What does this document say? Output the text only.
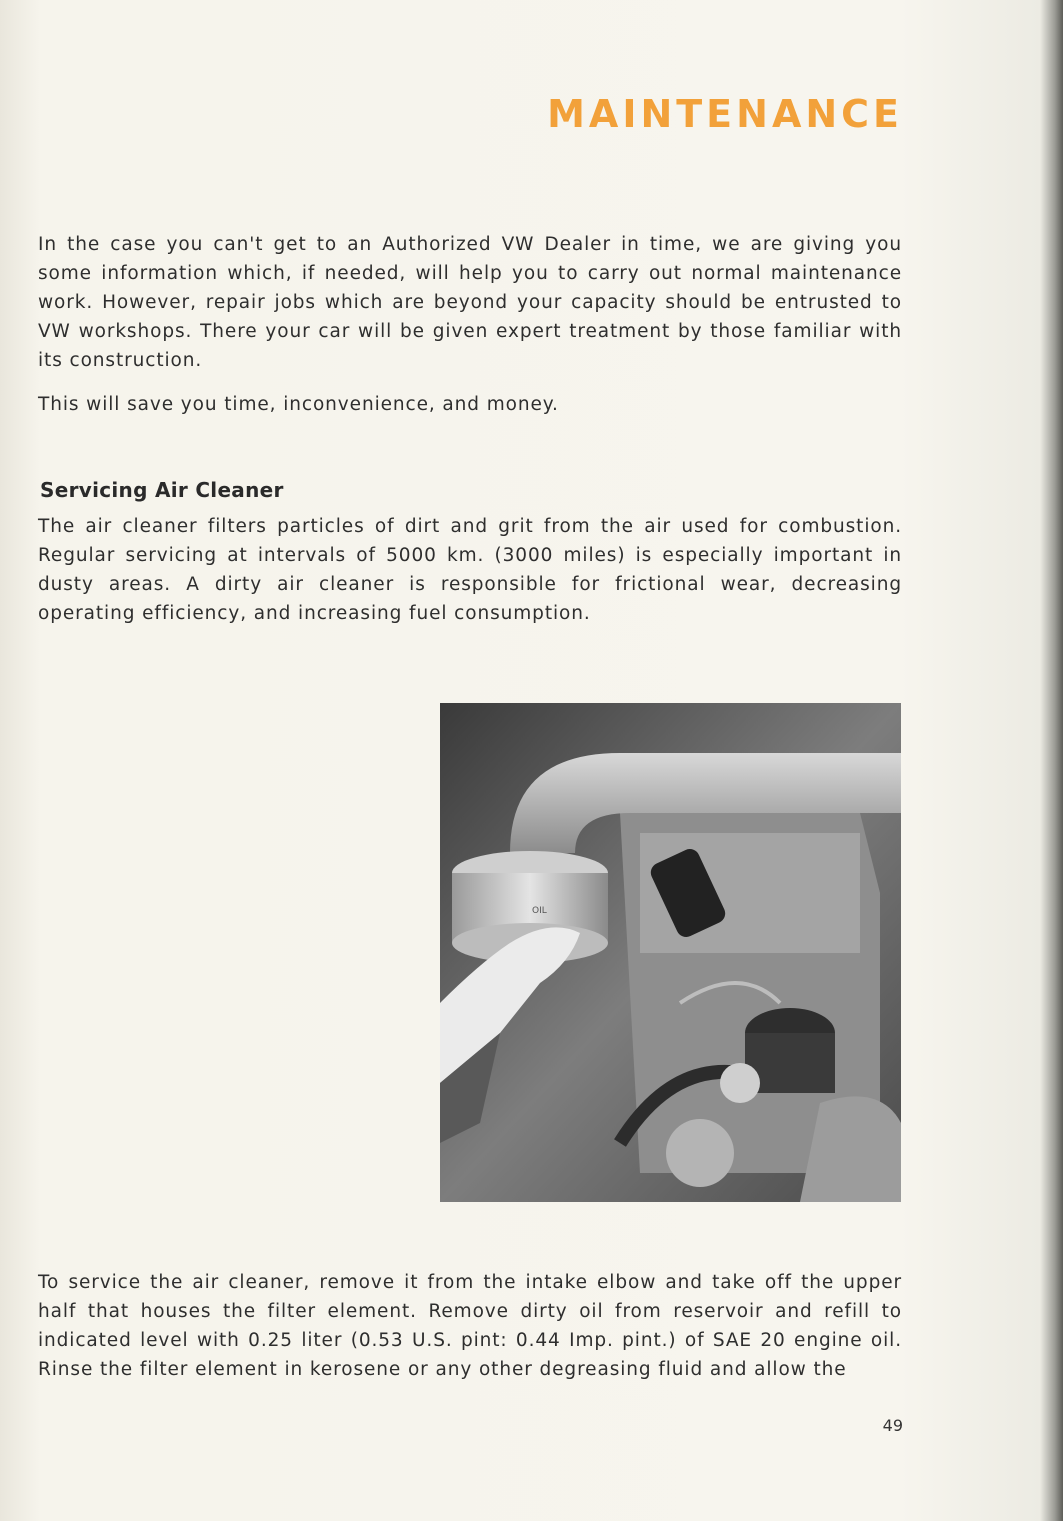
MAINTENANCE

In the case you can't get to an Authorized VW Dealer in time, we are giving you some information which, if needed, will help you to carry out normal maintenance work. However, repair jobs which are beyond your capacity should be entrusted to VW workshops. There your car will be given expert treatment by those familiar with its construction.

This will save you time, inconvenience, and money.

Servicing Air Cleaner

The air cleaner filters particles of dirt and grit from the air used for combustion. Regular servicing at intervals of 5000 km. (3000 miles) is especially important in dusty areas. A dirty air cleaner is responsible for frictional wear, decreasing operating efficiency, and increasing fuel consumption.

OIL

To service the air cleaner, remove it from the intake elbow and take off the upper half that houses the filter element. Remove dirty oil from reservoir and refill to indicated level with 0.25 liter (0.53 U.S. pint: 0.44 Imp. pint.) of SAE 20 engine oil. Rinse the filter element in kerosene or any other degreasing fluid and allow the

49
